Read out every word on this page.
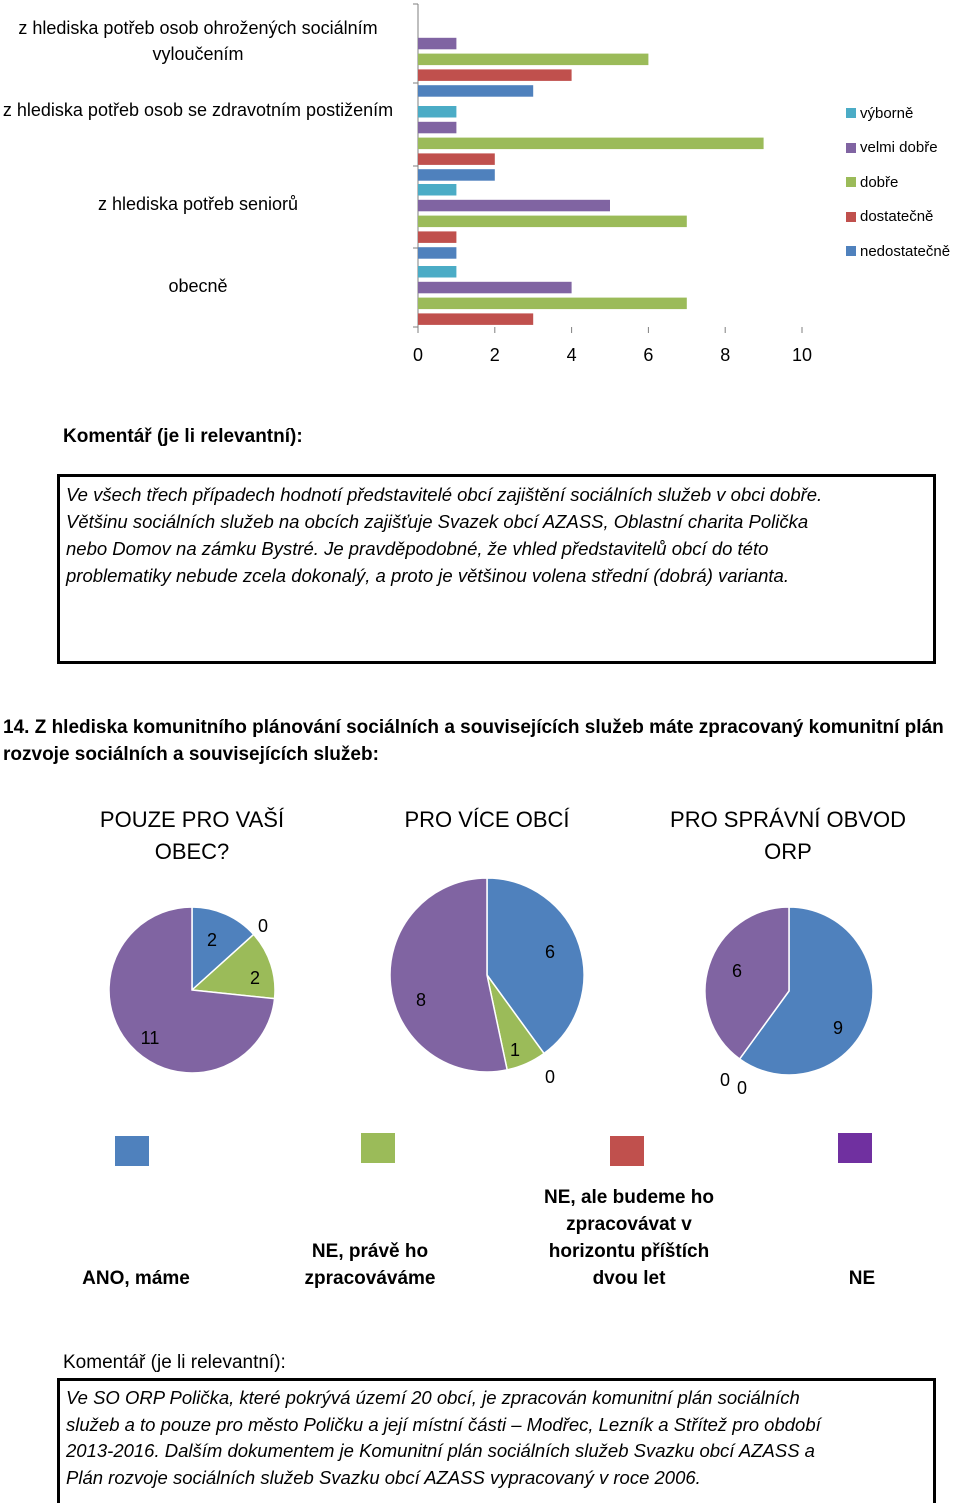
z hlediska potřeb osob ohrožených sociálním vyloučením
z hlediska potřeb osob se zdravotním postižením
z hlediska potřeb seniorů
obecně
0	2	4	6	8	10
výborně
velmi dobře
dobře
dostatečně
nedostatečně
Komentář (je li relevantní):

Ve všech třech případech hodnotí představitelé obcí zajištění sociálních služeb v obci dobře.

Většinu sociálních služeb na obcích zajišťuje Svazek obcí AZASS, Oblastní charita Polička

nebo Domov na zámku Bystré. Je pravděpodobné, že vhled představitelů obcí do této

problematiky nebude zcela dokonalý, a proto je většinou volena střední (dobrá) varianta.

14. Z hlediska komunitního plánování sociálních a souvisejících služeb máte zpracovaný komunitní plán rozvoje sociálních a souvisejících služeb:
POUZE PRO VAŠÍ
OBEC?
PRO VÍCE OBCÍ	PRO SPRÁVNÍ OBVOD
ORP
2
2
0
11
6
1
0
8
9
0 0
6
ANO, máme
NE, právě ho
zpracováváme
NE, ale budeme ho
zpracovávat v
horizontu příštích
dvou let	NE
Komentář (je li relevantní):

Ve SO ORP Polička, které pokrývá území 20 obcí, je zpracován komunitní plán sociálních

služeb a to pouze pro město Poličku a její místní části – Modřec, Lezník a Střítež pro období

2013-2016. Dalším dokumentem je Komunitní plán sociálních služeb Svazku obcí AZASS a

Plán rozvoje sociálních služeb Svazku obcí AZASS vypracovaný v roce 2006.
